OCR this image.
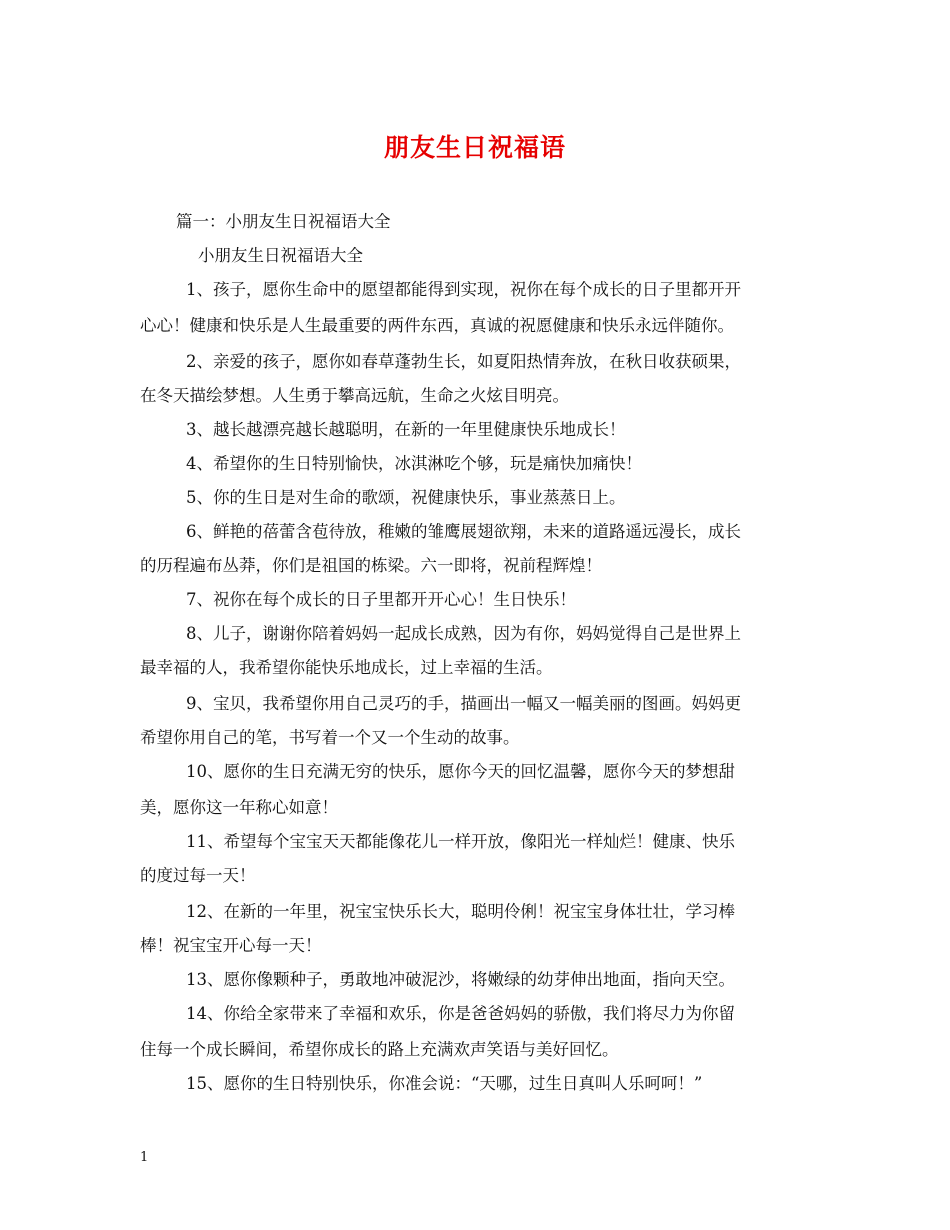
朋友生日祝福语
篇一：小朋友生日祝福语大全
小朋友生日祝福语大全
1、孩子，愿你生命中的愿望都能得到实现，祝你在每个成长的日子里都开开
心心！健康和快乐是人生最重要的两件东西，真诚的祝愿健康和快乐永远伴随你。
2、亲爱的孩子，愿你如春草蓬勃生长，如夏阳热情奔放，在秋日收获硕果，
在冬天描绘梦想。人生勇于攀高远航，生命之火炫目明亮。
3、越长越漂亮越长越聪明，在新的一年里健康快乐地成长！
4、希望你的生日特别愉快，冰淇淋吃个够，玩是痛快加痛快！
5、你的生日是对生命的歌颂，祝健康快乐，事业蒸蒸日上。
6、鲜艳的蓓蕾含苞待放，稚嫩的雏鹰展翅欲翔，未来的道路遥远漫长，成长
的历程遍布丛莽，你们是祖国的栋梁。六一即将，祝前程辉煌！
7、祝你在每个成长的日子里都开开心心！生日快乐！
8、儿子，谢谢你陪着妈妈一起成长成熟，因为有你，妈妈觉得自己是世界上
最幸福的人，我希望你能快乐地成长，过上幸福的生活。
9、宝贝，我希望你用自己灵巧的手，描画出一幅又一幅美丽的图画。妈妈更
希望你用自己的笔，书写着一个又一个生动的故事。
10、愿你的生日充满无穷的快乐，愿你今天的回忆温馨，愿你今天的梦想甜
美，愿你这一年称心如意！
11、希望每个宝宝天天都能像花儿一样开放，像阳光一样灿烂！健康、快乐
的度过每一天！
12、在新的一年里，祝宝宝快乐长大，聪明伶俐！祝宝宝身体壮壮，学习棒
棒！祝宝宝开心每一天！
13、愿你像颗种子，勇敢地冲破泥沙，将嫩绿的幼芽伸出地面，指向天空。
14、你给全家带来了幸福和欢乐，你是爸爸妈妈的骄傲，我们将尽力为你留
住每一个成长瞬间，希望你成长的路上充满欢声笑语与美好回忆。
15、愿你的生日特别快乐，你准会说：“天哪，过生日真叫人乐呵呵！”
1
